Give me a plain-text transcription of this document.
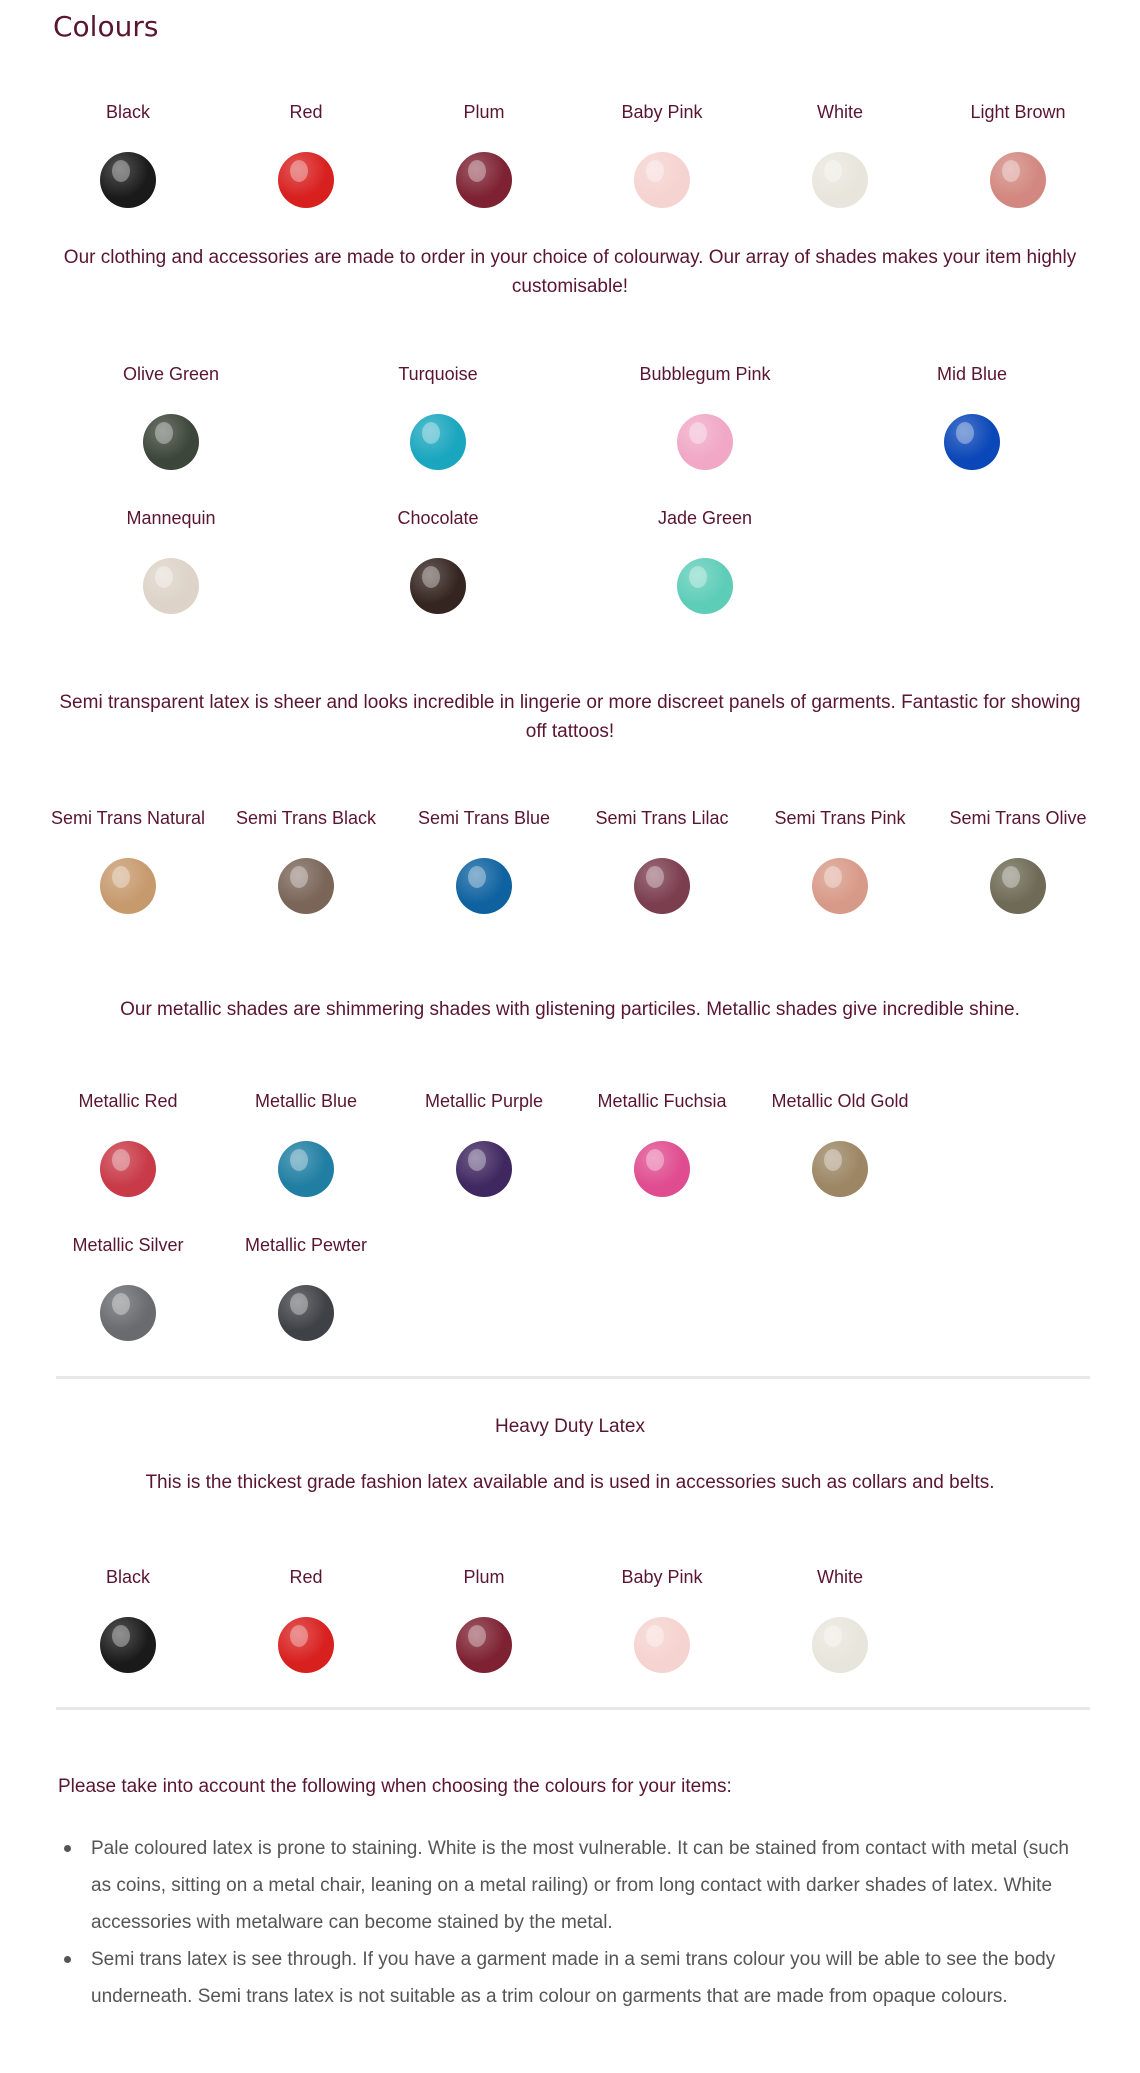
Colours
Black	Red	Plum	Baby Pink	White	Light Brown

Our clothing and accessories are made to order in your choice of colourway. Our array of shades makes your item highly customisable!

Olive Green	Turquoise	Bubblegum Pink	Mid Blue
Mannequin	Chocolate	Jade Green

Semi transparent latex is sheer and looks incredible in lingerie or more discreet panels of garments. Fantastic for showing off tattoos!

Semi Trans Natural	Semi Trans Black	Semi Trans Blue	Semi Trans Lilac	Semi Trans Pink	Semi Trans Olive

Our metallic shades are shimmering shades with glistening particiles. Metallic shades give incredible shine.

Metallic Red	Metallic Blue	Metallic Purple	Metallic Fuchsia	Metallic Old Gold
Metallic Silver	Metallic Pewter
Heavy Duty Latex

This is the thickest grade fashion latex available and is used in accessories such as collars and belts.

Black	Red	Plum	Baby Pink	White

Please take into account the following when choosing the colours for your items:

Pale coloured latex is prone to staining. White is the most vulnerable. It can be stained from contact with metal (such as coins, sitting on a metal chair, leaning on a metal railing) or from long contact with darker shades of latex. White accessories with metalware can become stained by the metal.
Semi trans latex is see through. If you have a garment made in a semi trans colour you will be able to see the body underneath. Semi trans latex is not suitable as a trim colour on garments that are made from opaque colours.
